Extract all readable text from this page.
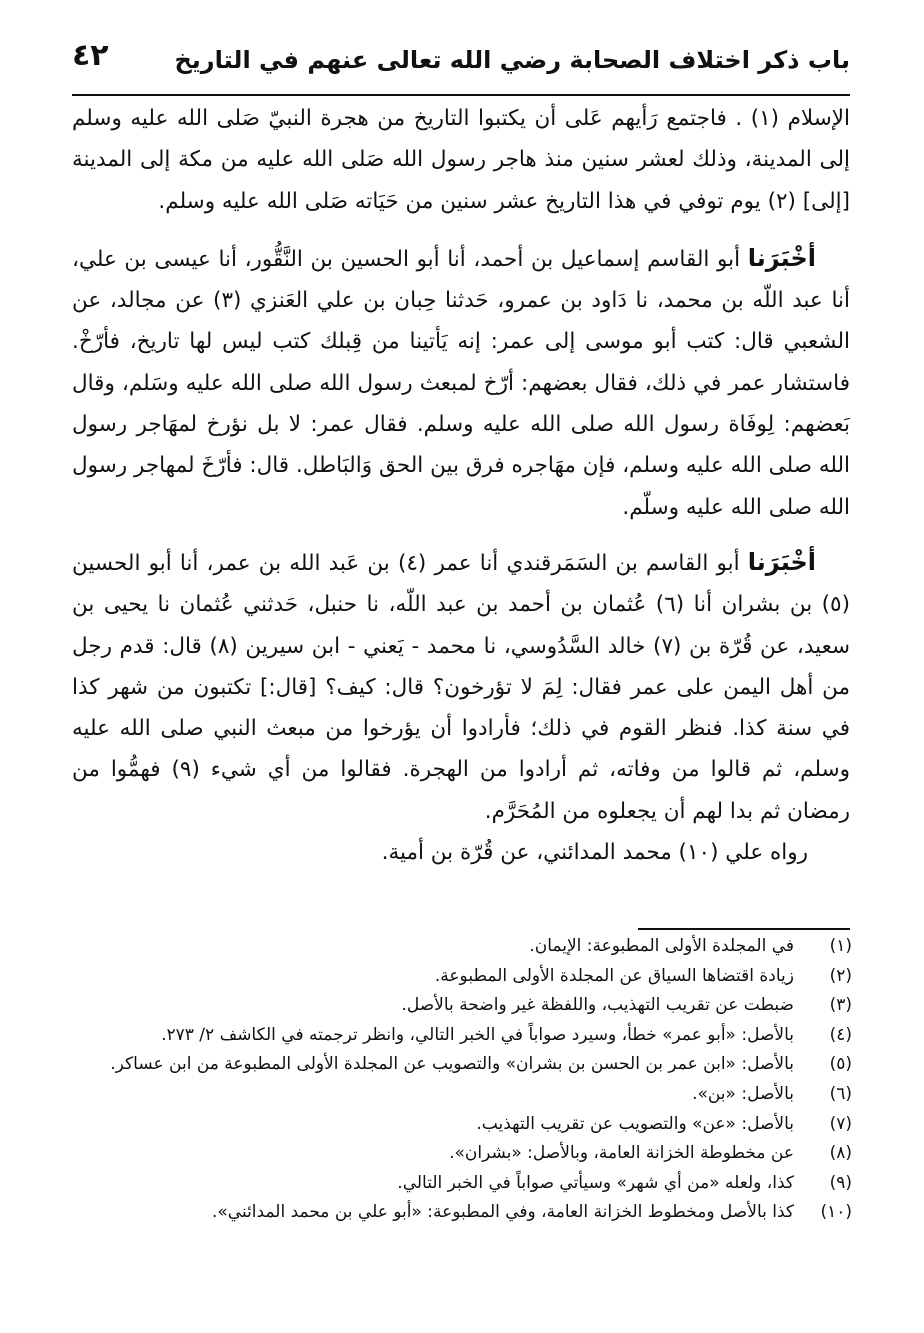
٤٢	باب ذكر اختلاف الصحابة رضي الله تعالى عنهم في التاريخ

الإسلام (١) . فاجتمع رَأيهم عَلى أن يكتبوا التاريخ من هجرة النبيّ صَلى الله عليه وسلم إلى المدينة، وذلك لعشر سنين منذ هاجر رسول الله صَلى الله عليه من مكة إلى المدينة [إلى] (٢) يوم توفي في هذا التاريخ عشر سنين من حَيَاته صَلى الله عليه وسلم.

أخْبَرَنا أبو القاسم إسماعيل بن أحمد، أنا أبو الحسين بن النَّقُّور، أنا عيسى بن علي، أنا عبد اللّه بن محمد، نا دَاود بن عمرو، حَدثنا حِبان بن علي العَنزي (٣) عن مجالد، عن الشعبي قال: كتب أبو موسى إلى عمر: إنه يَأتينا من قِبلك كتب ليس لها تاريخ، فأرّخْ. فاستشار عمر في ذلك، فقال بعضهم: أرّخ لمبعث رسول الله صلى الله عليه وسَلم، وقال بَعضهم: لِوفَاة رسول الله صلى الله عليه وسلم. فقال عمر: لا بل نؤرخ لمهَاجر رسول الله صلى الله عليه وسلم، فإن مهَاجره فرق بين الحق وَالبَاطل. قال: فأرّخَ لمهاجر رسول الله صلى الله عليه وسلّم.

أخْبَرَنا أبو القاسم بن السَمَرقندي أنا عمر (٤) بن عَبد الله بن عمر، أنا أبو الحسين (٥) بن بشران أنا (٦) عُثمان بن أحمد بن عبد اللّه، نا حنبل، حَدثني عُثمان نا يحيى بن سعيد، عن قُرّة بن (٧) خالد السَّدُوسي، نا محمد - يَعني - ابن سيرين (٨) قال: قدم رجل من أهل اليمن على عمر فقال: لِمَ لا تؤرخون؟ قال: كيف؟ [قال:] تكتبون من شهر كذا في سنة كذا. فنظر القوم في ذلك؛ فأرادوا أن يؤرخوا من مبعث النبي صلى الله عليه وسلم، ثم قالوا من وفاته، ثم أرادوا من الهجرة. فقالوا من أي شيء (٩) فهمُّوا من رمضان ثم بدا لهم أن يجعلوه من المُحَرَّم.

رواه علي (١٠) محمد المدائني، عن قُرّة بن أمية.

(١)
في المجلدة الأولى المطبوعة: الإيمان.
(٢)
زيادة اقتضاها السياق عن المجلدة الأولى المطبوعة.
(٣)
ضبطت عن تقريب التهذيب، واللفظة غير واضحة بالأصل.
(٤)
بالأصل: «أبو عمر» خطأ، وسيرد صواباً في الخبر التالي، وانظر ترجمته في الكاشف ٢/ ٢٧٣.
(٥)
بالأصل: «ابن عمر بن الحسن بن بشران» والتصويب عن المجلدة الأولى المطبوعة من ابن عساكر.
(٦)
بالأصل: «بن».
(٧)
بالأصل: «عن» والتصويب عن تقريب التهذيب.
(٨)
عن مخطوطة الخزانة العامة، وبالأصل: «بشران».
(٩)
كذا، ولعله «من أي شهر» وسيأتي صواباً في الخبر التالي.
(١٠)
كذا بالأصل ومخطوط الخزانة العامة، وفي المطبوعة: «أبو علي بن محمد المدائني».
